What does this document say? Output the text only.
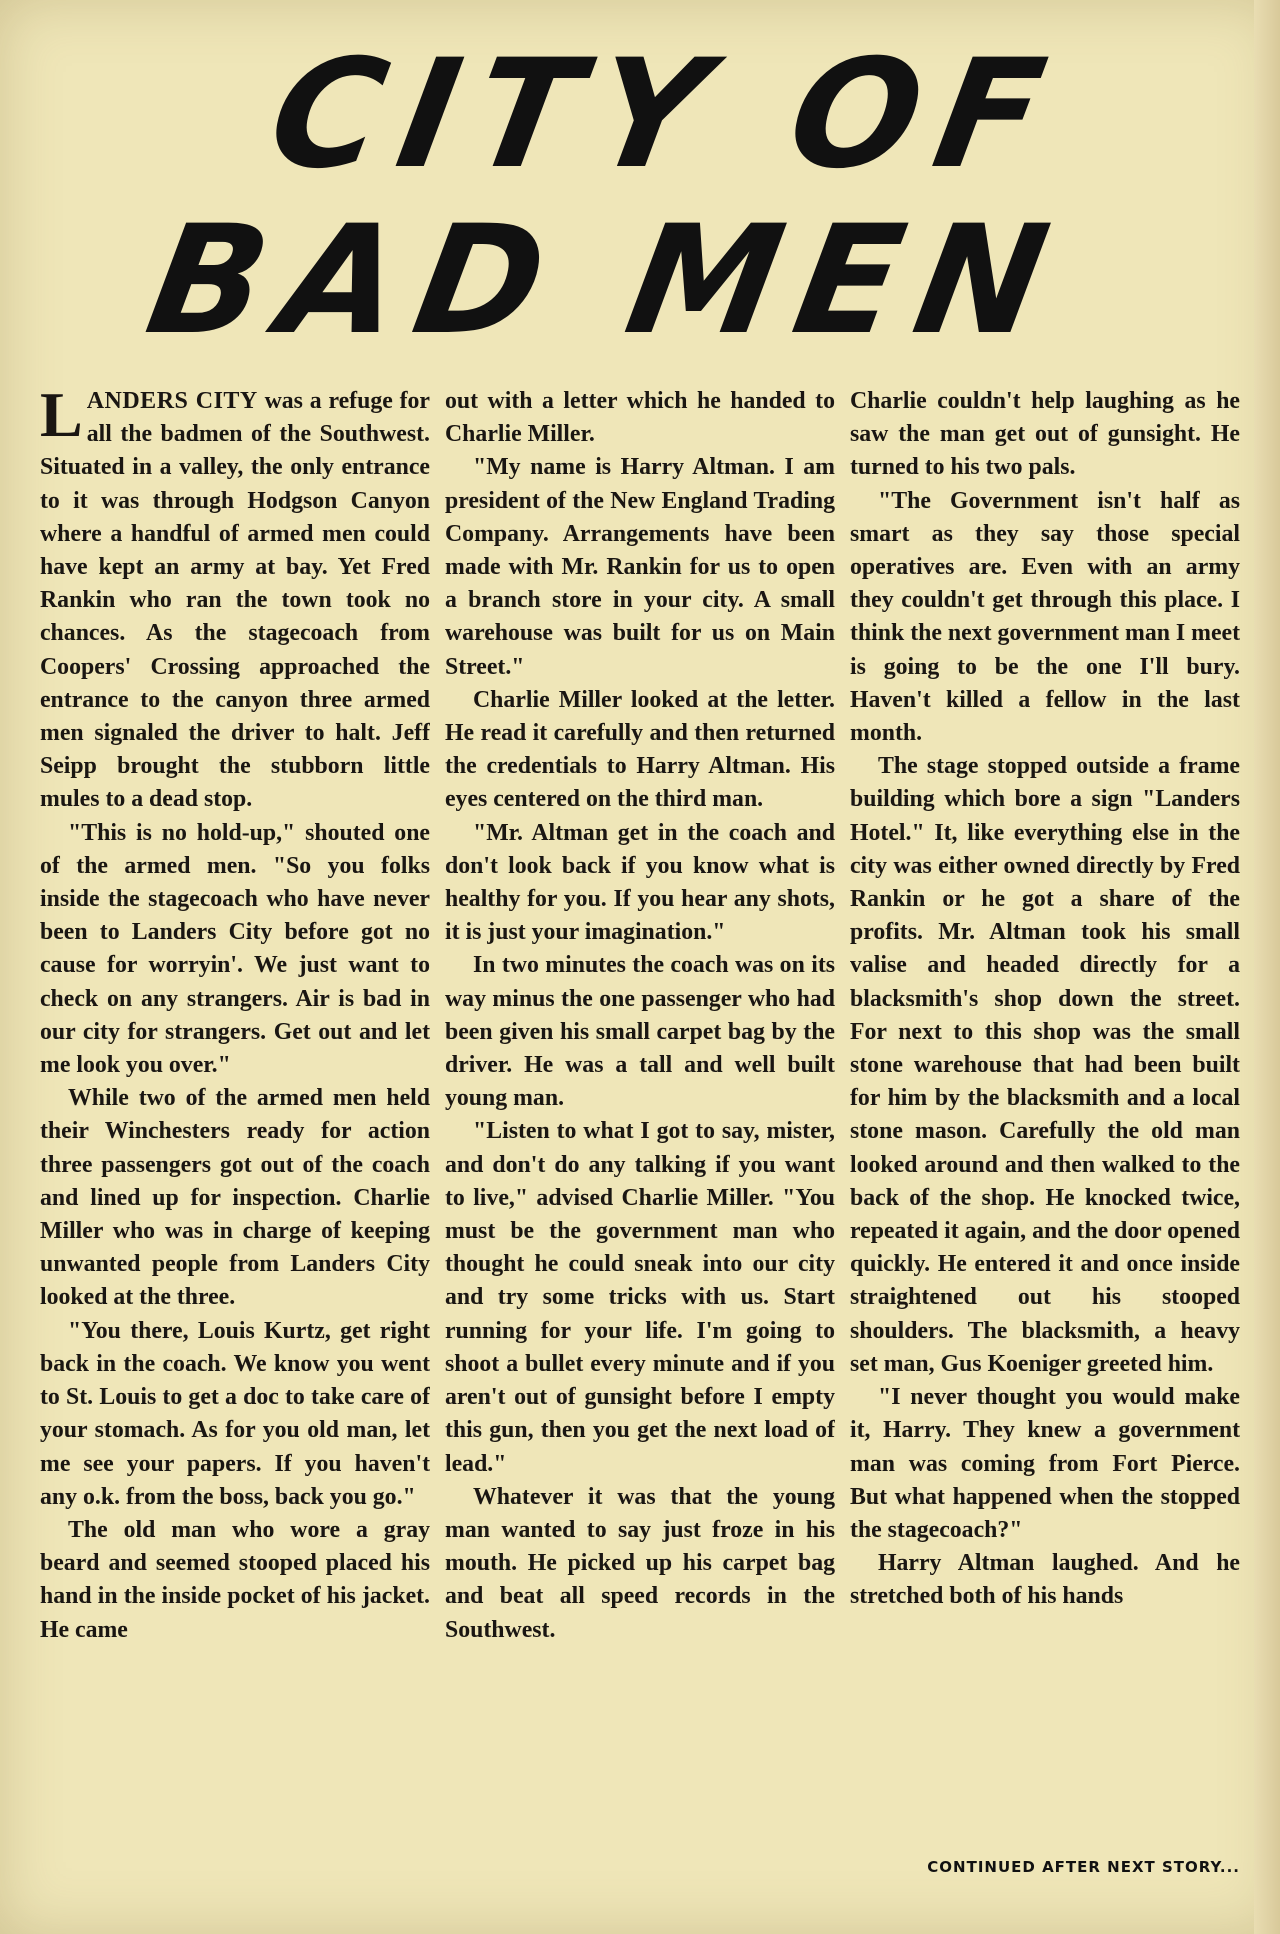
CITY OF
BAD MEN

LANDERS CITY was a refuge for all the badmen of the Southwest. Situated in a valley, the only entrance to it was through Hodgson Canyon where a handful of armed men could have kept an army at bay. Yet Fred Rankin who ran the town took no chances. As the stagecoach from Coopers' Crossing approached the entrance to the canyon three armed men signaled the driver to halt. Jeff Seipp brought the stubborn little mules to a dead stop.

"This is no hold-up," shouted one of the armed men. "So you folks inside the stagecoach who have never been to Landers City before got no cause for worryin'. We just want to check on any strangers. Air is bad in our city for strangers. Get out and let me look you over."

While two of the armed men held their Winchesters ready for action three passengers got out of the coach and lined up for inspection. Charlie Miller who was in charge of keeping unwanted people from Landers City looked at the three.

"You there, Louis Kurtz, get right back in the coach. We know you went to St. Louis to get a doc to take care of your stomach. As for you old man, let me see your papers. If you haven't any o.k. from the boss, back you go."

The old man who wore a gray beard and seemed stooped placed his hand in the inside pocket of his jacket. He came

out with a letter which he handed to Charlie Miller.

"My name is Harry Altman. I am president of the New England Trading Company. Arrangements have been made with Mr. Rankin for us to open a branch store in your city. A small warehouse was built for us on Main Street."

Charlie Miller looked at the letter. He read it carefully and then returned the credentials to Harry Altman. His eyes centered on the third man.

"Mr. Altman get in the coach and don't look back if you know what is healthy for you. If you hear any shots, it is just your imagination."

In two minutes the coach was on its way minus the one passenger who had been given his small carpet bag by the driver. He was a tall and well built young man.

"Listen to what I got to say, mister, and don't do any talking if you want to live," advised Charlie Miller. "You must be the government man who thought he could sneak into our city and try some tricks with us. Start running for your life. I'm going to shoot a bullet every minute and if you aren't out of gunsight before I empty this gun, then you get the next load of lead."

Whatever it was that the young man wanted to say just froze in his mouth. He picked up his carpet bag and beat all speed records in the Southwest.

Charlie couldn't help laughing as he saw the man get out of gunsight. He turned to his two pals.

"The Government isn't half as smart as they say those special operatives are. Even with an army they couldn't get through this place. I think the next government man I meet is going to be the one I'll bury. Haven't killed a fellow in the last month.

The stage stopped outside a frame building which bore a sign "Landers Hotel." It, like everything else in the city was either owned directly by Fred Rankin or he got a share of the profits. Mr. Altman took his small valise and headed directly for a blacksmith's shop down the street. For next to this shop was the small stone warehouse that had been built for him by the blacksmith and a local stone mason. Carefully the old man looked around and then walked to the back of the shop. He knocked twice, repeated it again, and the door opened quickly. He entered it and once inside straightened out his stooped shoulders. The blacksmith, a heavy set man, Gus Koeniger greeted him.

"I never thought you would make it, Harry. They knew a government man was coming from Fort Pierce. But what happened when the stopped the stagecoach?"

Harry Altman laughed. And he stretched both of his hands

CONTINUED AFTER NEXT STORY...
